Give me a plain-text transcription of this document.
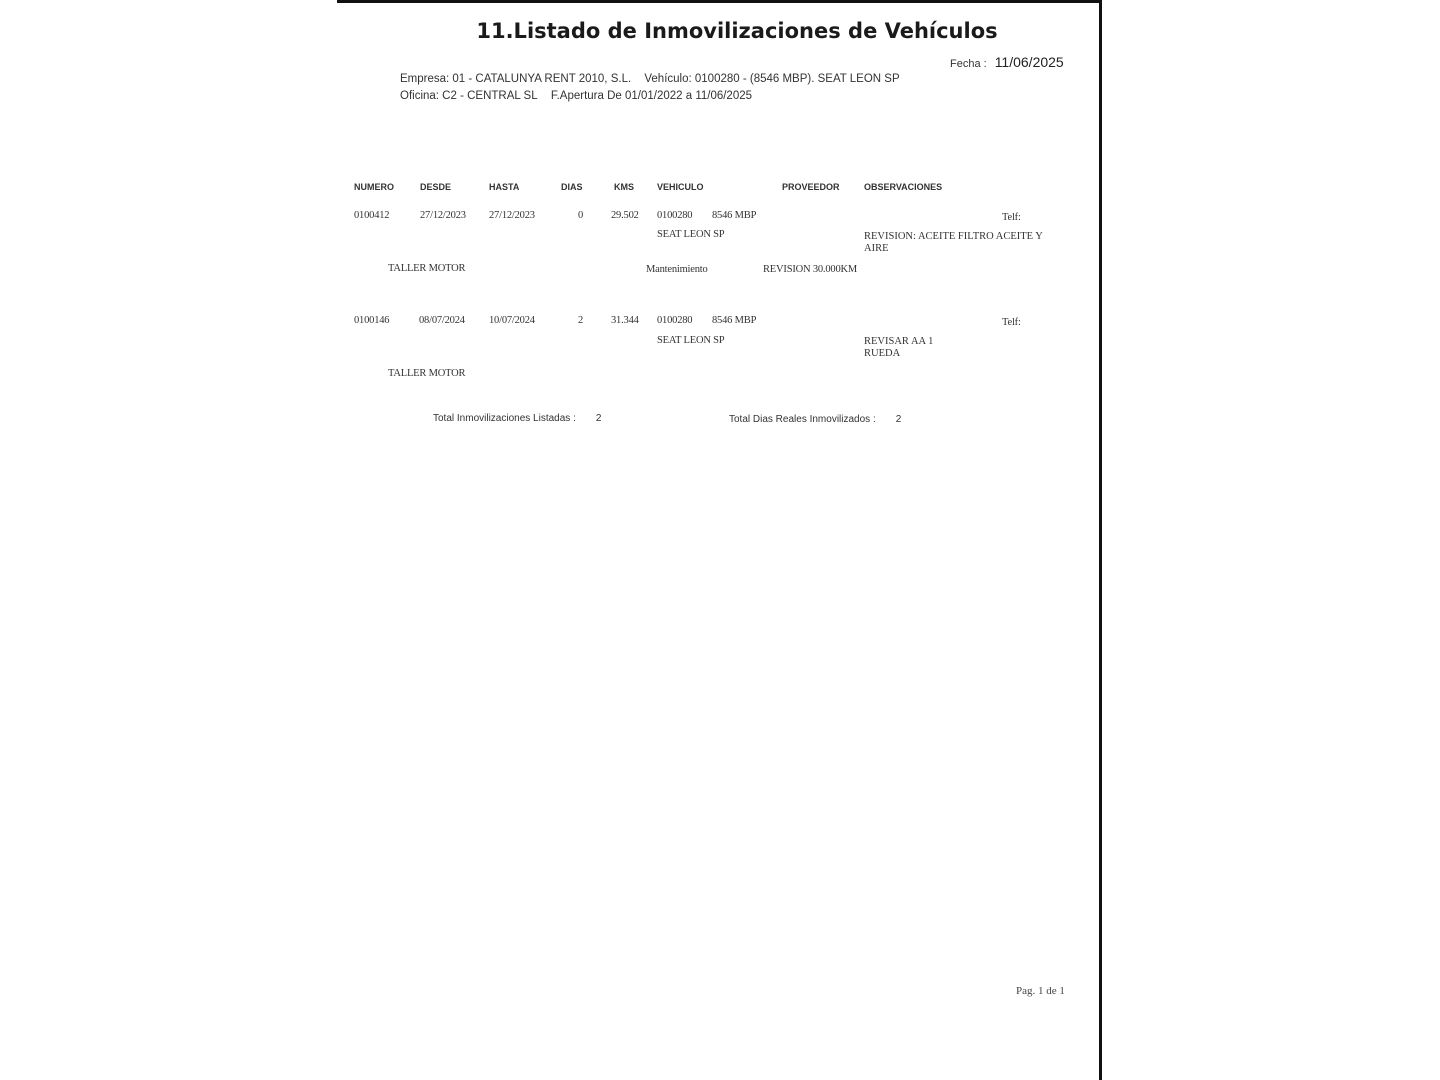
11.Listado de Inmovilizaciones de Vehículos
Fecha : 11/06/2025
Empresa: 01 - CATALUNYA RENT 2010, S.L. Vehículo: 0100280 - (8546 MBP). SEAT LEON SP
Oficina: C2 - CENTRAL SL F.Apertura De 01/01/2022 a 11/06/2025
NUMERO	DESDE	HASTA	DIAS	KMS	VEHICULO	PROVEEDOR	OBSERVACIONES
0100412	27/12/2023 27/12/2023	0	29.502 0100280 8546 MBP	Telf:
SEAT LEON SP	REVISION: ACEITE FILTRO ACEITE Y AIRE
TALLER MOTOR	Mantenimiento	REVISION 30.000KM
0100146	08/07/2024 10/07/2024	2	31.344 0100280 8546 MBP	Telf:
SEAT LEON SP	REVISAR AA 1 RUEDA
TALLER MOTOR
Total Inmovilizaciones Listadas : 2	Total Dias Reales Inmovilizados : 2
Pag. 1 de 1
